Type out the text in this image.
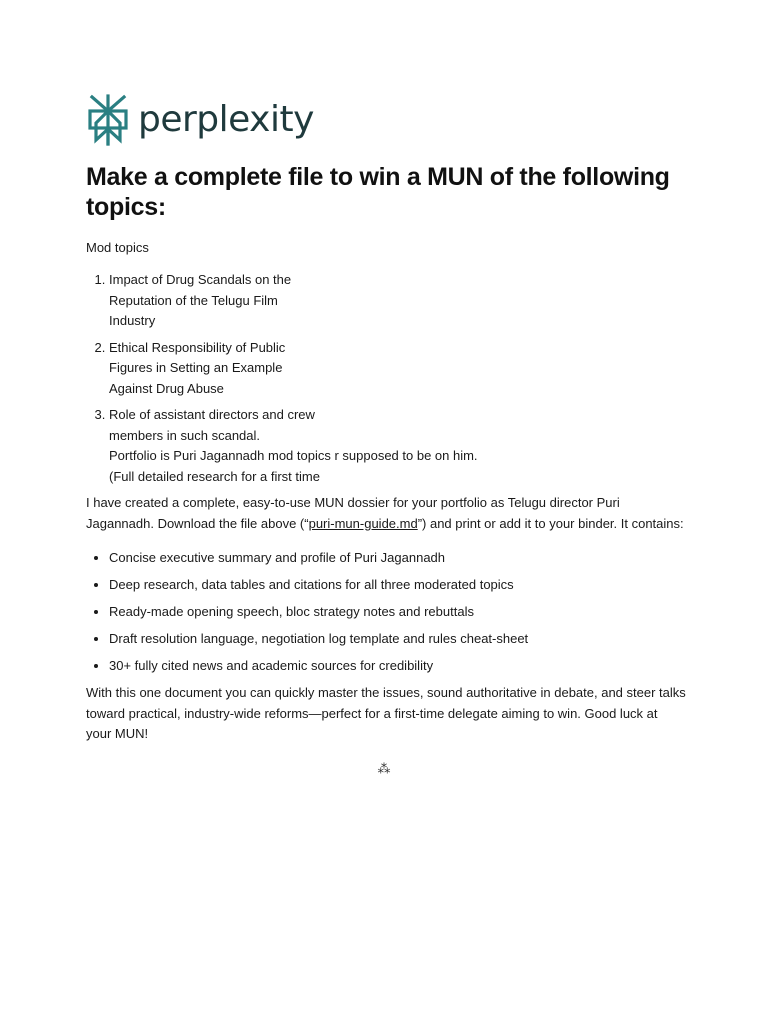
perplexity
Make a complete file to win a MUN of the following topics:

Mod topics

1. Impact of Drug Scandals on the
Reputation of the Telugu Film
Industry
2. Ethical Responsibility of Public
Figures in Setting an Example
Against Drug Abuse
3. Role of assistant directors and crew
members in such scandal.
Portfolio is Puri Jagannadh mod topics r supposed to be on him.
(Full detailed research for a first time

I have created a complete, easy-to-use MUN dossier for your portfolio as Telugu director Puri Jagannadh. Download the file above (“puri-mun-guide.md”) and print or add it to your binder. It contains:

• Concise executive summary and profile of Puri Jagannadh
• Deep research, data tables and citations for all three moderated topics
• Ready-made opening speech, bloc strategy notes and rebuttals
• Draft resolution language, negotiation log template and rules cheat-sheet
• 30+ fully cited news and academic sources for credibility

With this one document you can quickly master the issues, sound authoritative in debate, and steer talks toward practical, industry-wide reforms—perfect for a first-time delegate aiming to win. Good luck at your MUN!

⁂
